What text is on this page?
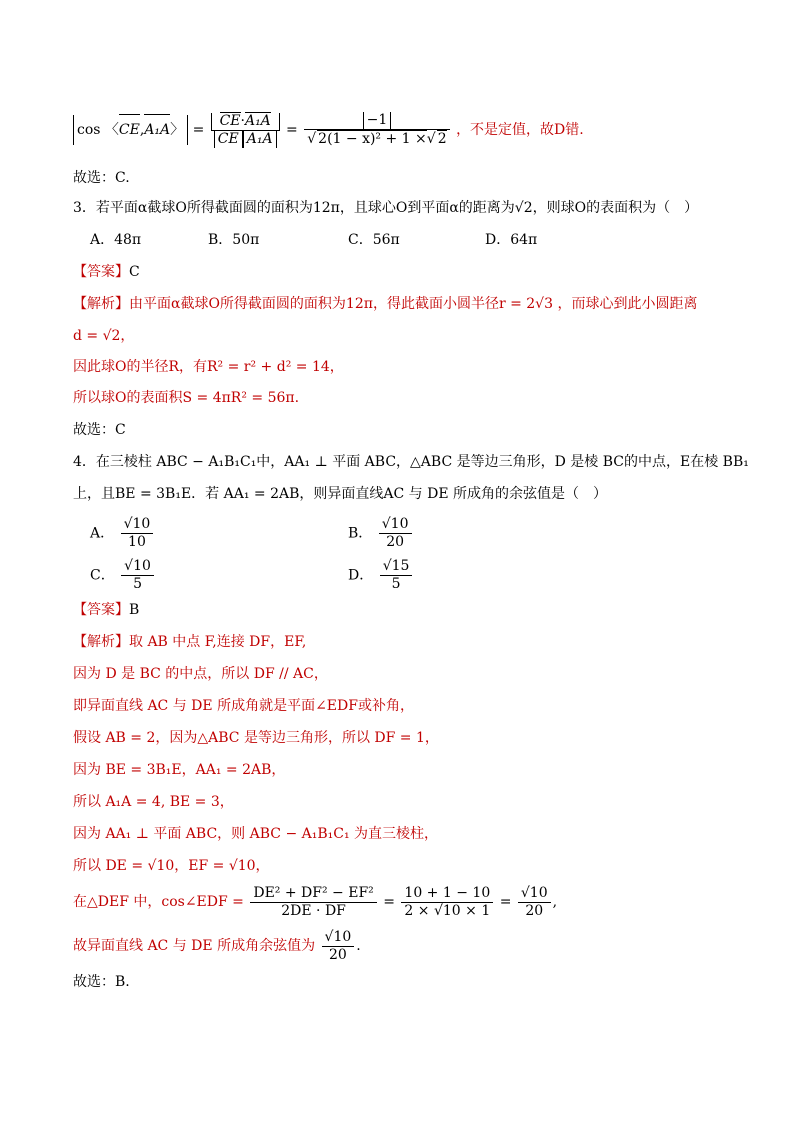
cos 〈CE,A₁A〉 = $\frac{\text{CE·A₁A}}{\text{CE A₁A}} = \frac{-1}{\text{√ 2(1 − x)² + 1 ×√ 2}}$ ，不是定值，故D错.
故选：C.
3．若平面α截球O所得截面圆的面积为12π，且球心O到平面α的距离为√2，则球O的表面积为（　）
A．48π	B．50π	C．56π	D．64π
【答案】C
【解析】由平面α截球O所得截面圆的面积为12π，得此截面小圆半径r = 2√3 ，而球心到此小圆距离
d = √2，
因此球O的半径R，有R² = r² + d² = 14，
所以球O的表面积S = 4πR² = 56π.
故选：C
4．在三棱柱 ABC − A₁B₁C₁中，AA₁ ⊥ 平面 ABC，△ABC 是等边三角形，D 是棱 BC的中点，E在棱 BB₁
上，且BE = 3B₁E．若 AA₁ = 2AB，则异面直线AC 与 DE 所成角的余弦值是（　）
A． $\frac{√10}{10}$	B． $\frac{√10}{20}$
C． $\frac{√10}{5}$	D． $\frac{√15}{5}$
【答案】B
【解析】取 AB 中点 F,连接 DF，EF,
因为 D 是 BC 的中点，所以 DF // AC，
即异面直线 AC 与 DE 所成角就是平面∠EDF或补角，
假设 AB = 2，因为△ABC 是等边三角形，所以 DF = 1，
因为 BE = 3B₁E，AA₁ = 2AB，
所以 A₁A = 4, BE = 3，
因为 AA₁ ⊥ 平面 ABC，则 ABC − A₁B₁C₁ 为直三棱柱，
所以 DE = √10，EF = √10，
在△DEF 中，cos∠EDF = $\frac{\text{DE² + DF² − EF²}}{2DE \cdot DF} = \frac{10 + 1 - 10}{2 \times √10 \times 1} = \frac{√10}{20}$ ,
故异面直线 AC 与 DE 所成角余弦值为 $\frac{√10}{20}$ .
故选：B.
